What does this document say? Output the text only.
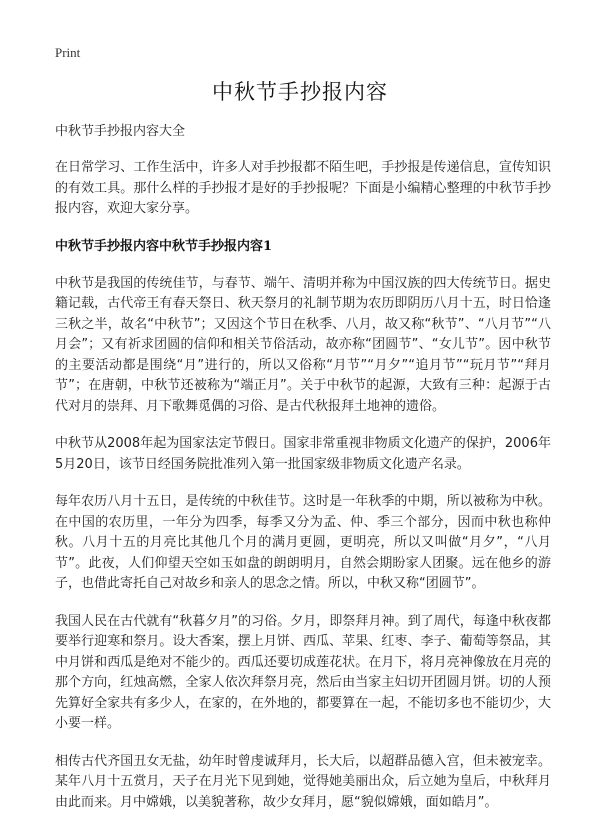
Print
中秋节手抄报内容
中秋节手抄报内容大全

在日常学习、工作生活中，许多人对手抄报都不陌生吧，手抄报是传递信息，宣传知识的有效工具。那什么样的手抄报才是好的手抄报呢？下面是小编精心整理的中秋节手抄报内容，欢迎大家分享。

中秋节手抄报内容中秋节手抄报内容1

中秋节是我国的传统佳节，与春节、端午、清明并称为中国汉族的四大传统节日。据史籍记载，古代帝王有春天祭日、秋天祭月的礼制节期为农历即阴历八月十五，时日恰逢三秋之半，故名“中秋节”；又因这个节日在秋季、八月，故又称“秋节”、“八月节”“八月会”；又有祈求团圆的信仰和相关节俗活动，故亦称“团圆节”、“女儿节”。因中秋节的主要活动都是围绕“月”进行的，所以又俗称“月节”“月夕”“追月节”“玩月节”“拜月节”；在唐朝，中秋节还被称为“端正月”。关于中秋节的起源，大致有三种：起源于古代对月的崇拜、月下歌舞觅偶的习俗、是古代秋报拜土地神的遗俗。

中秋节从2008年起为国家法定节假日。国家非常重视非物质文化遗产的保护，2006年5月20日，该节日经国务院批准列入第一批国家级非物质文化遗产名录。

每年农历八月十五日，是传统的中秋佳节。这时是一年秋季的中期，所以被称为中秋。在中国的农历里，一年分为四季，每季又分为孟、仲、季三个部分，因而中秋也称仲秋。八月十五的月亮比其他几个月的满月更圆，更明亮，所以又叫做“月夕”，“八月节”。此夜，人们仰望天空如玉如盘的朗朗明月，自然会期盼家人团聚。远在他乡的游子，也借此寄托自己对故乡和亲人的思念之情。所以，中秋又称“团圆节”。

我国人民在古代就有“秋暮夕月”的习俗。夕月，即祭拜月神。到了周代，每逢中秋夜都要举行迎寒和祭月。设大香案，摆上月饼、西瓜、苹果、红枣、李子、葡萄等祭品，其中月饼和西瓜是绝对不能少的。西瓜还要切成莲花状。在月下，将月亮神像放在月亮的那个方向，红烛高燃，全家人依次拜祭月亮，然后由当家主妇切开团圆月饼。切的人预先算好全家共有多少人，在家的，在外地的，都要算在一起，不能切多也不能切少，大小要一样。

相传古代齐国丑女无盐，幼年时曾虔诚拜月，长大后，以超群品德入宫，但未被宠幸。某年八月十五赏月，天子在月光下见到她，觉得她美丽出众，后立她为皇后，中秋拜月由此而来。月中嫦娥，以美貌著称，故少女拜月，愿“貌似嫦娥，面如皓月”。
